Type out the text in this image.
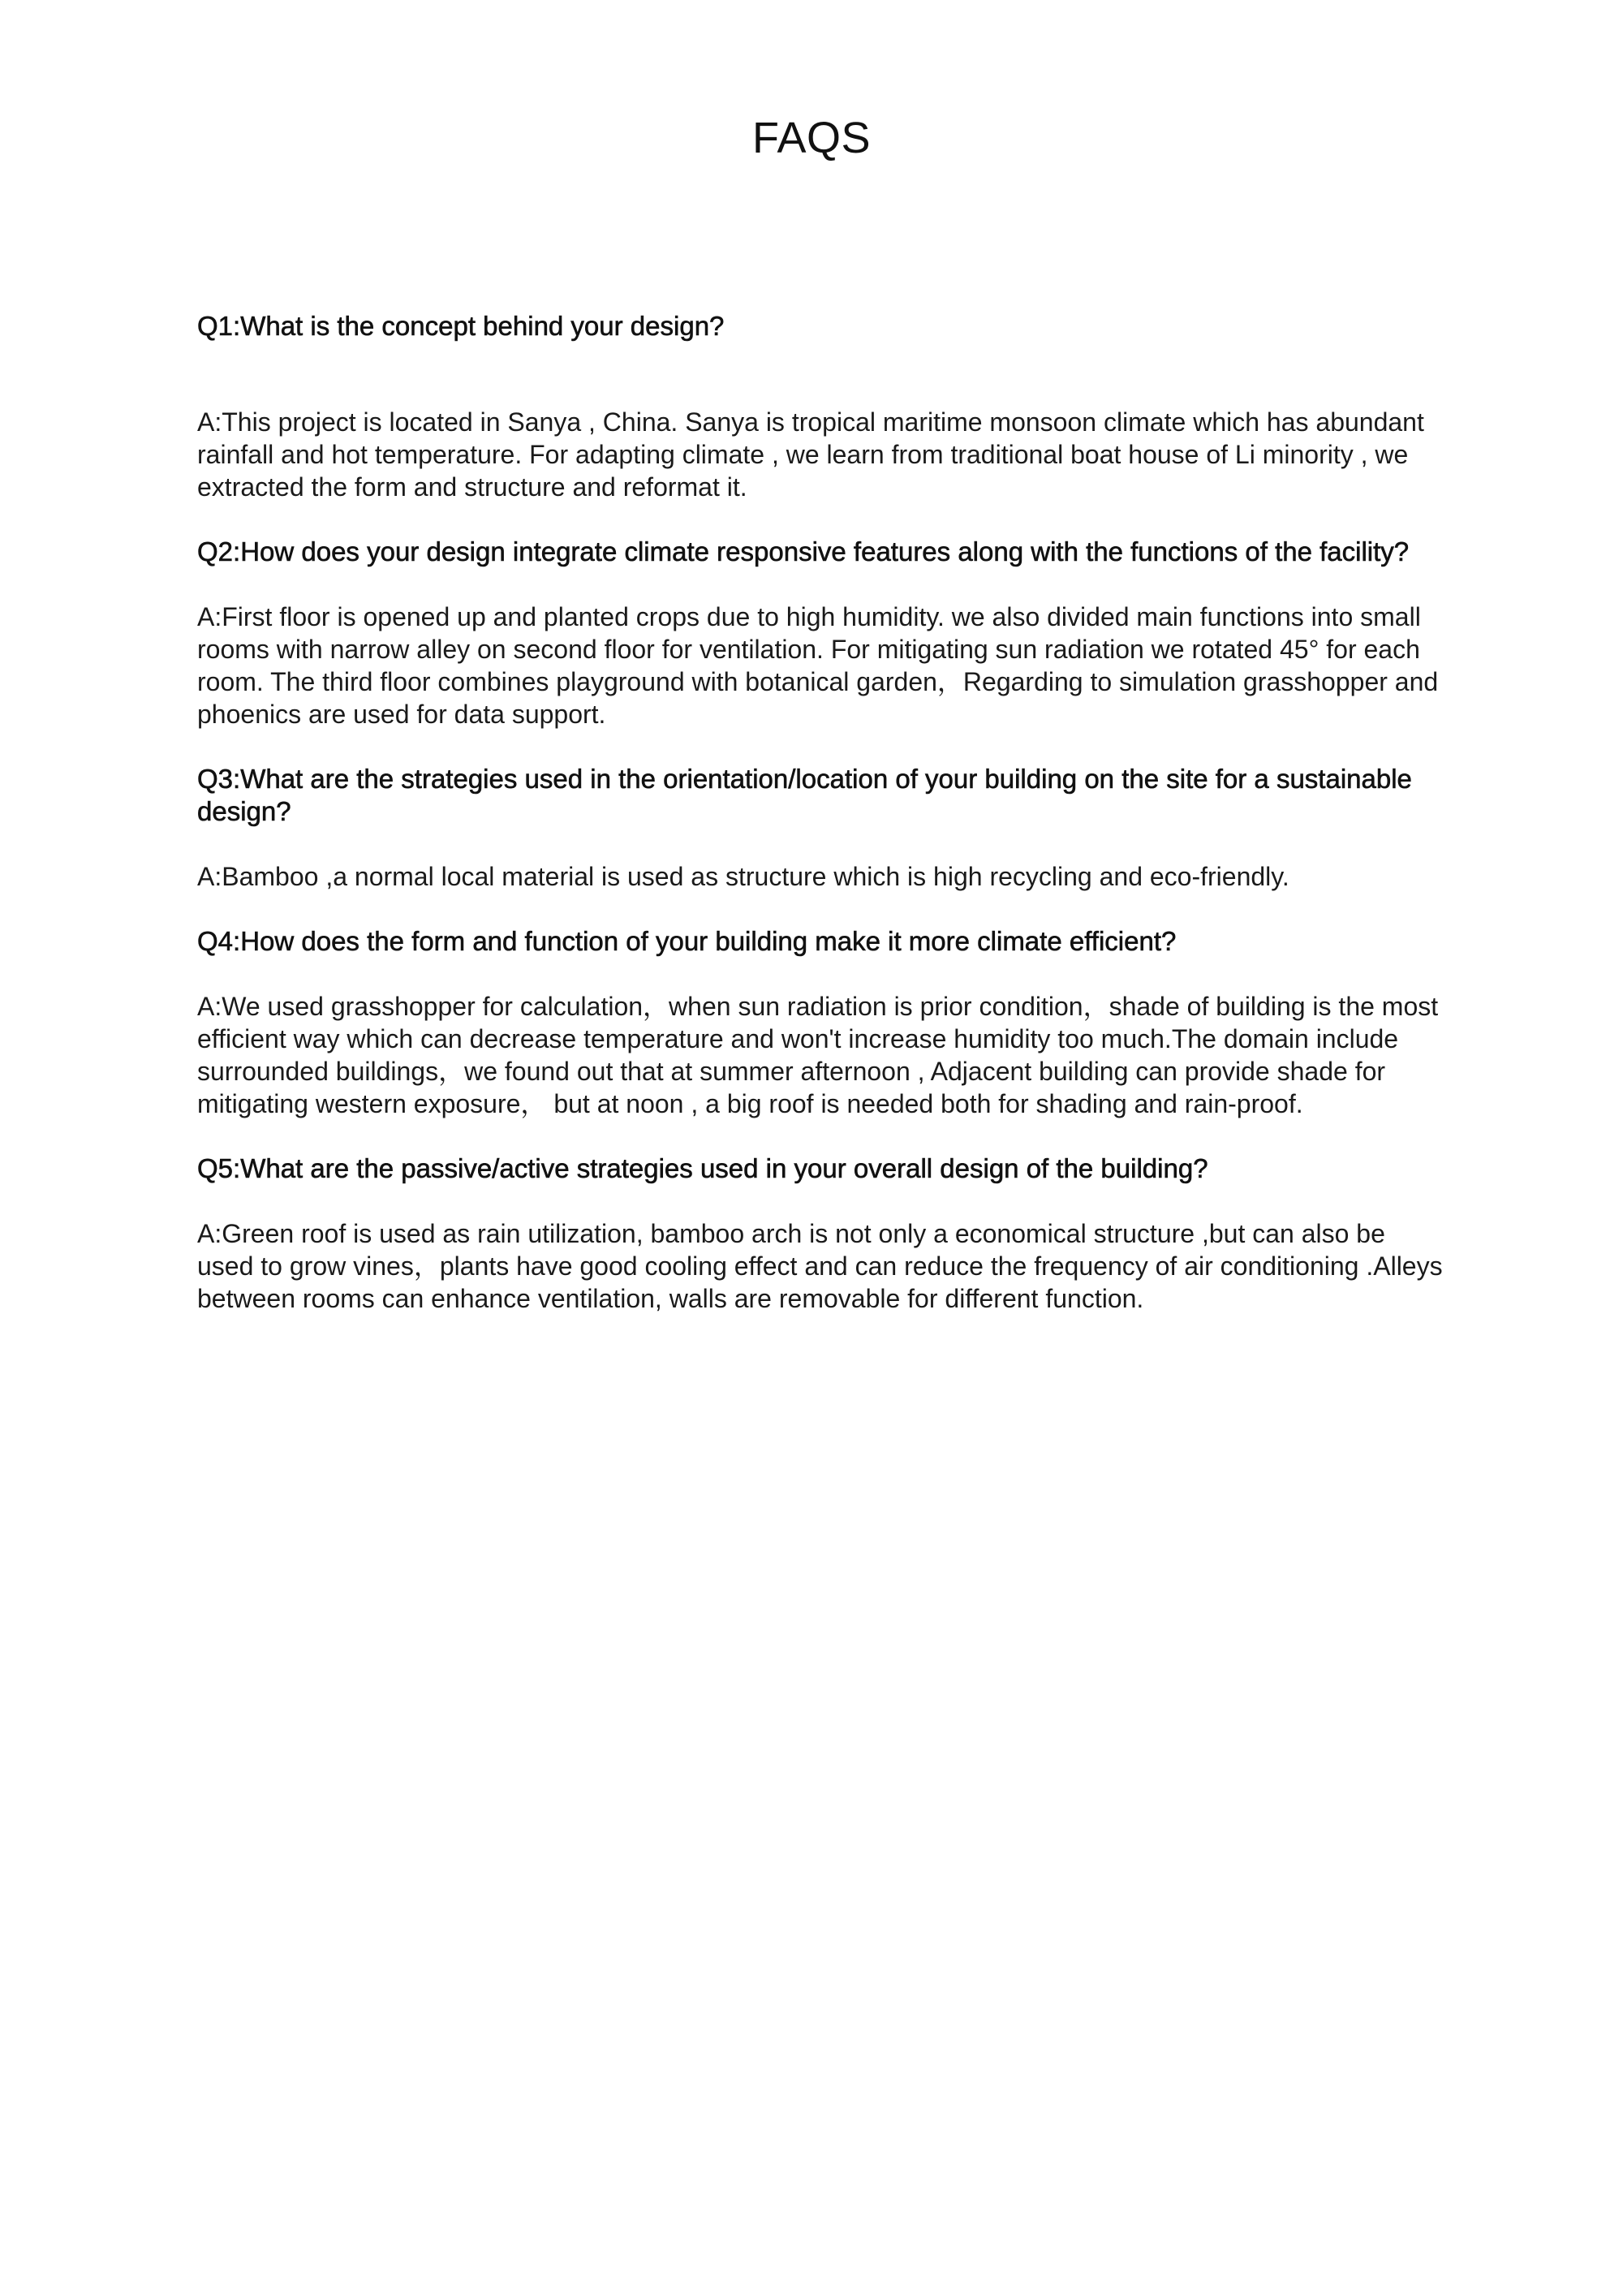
FAQS

Q1:What is the concept behind your design?

A:This project is located in Sanya , China. Sanya is tropical maritime monsoon climate which has abundant rainfall and hot temperature. For adapting climate , we learn from traditional boat house of Li minority , we extracted the form and structure and reformat it.

Q2:How does your design integrate climate responsive features along with the functions of the facility?

A:First floor is opened up and planted crops due to high humidity. we also divided main functions into small rooms with narrow alley on second floor for ventilation. For mitigating sun radiation we rotated 45° for each room. The third floor combines playground with botanical garden，Regarding to simulation grasshopper and phoenics are used for data support.

Q3:What are the strategies used in the orientation/location of your building on the site for a sustainable design?

A:Bamboo ,a normal local material is used as structure which is high recycling and eco-friendly.

Q4:How does the form and function of your building make it more climate efficient?

A:We used grasshopper for calculation，when sun radiation is prior condition，shade of building is the most efficient way which can decrease temperature and won't increase humidity too much.The domain include surrounded buildings，we found out that at summer afternoon , Adjacent building can provide shade for mitigating western exposure， but at noon , a big roof is needed both for shading and rain-proof.

Q5:What are the passive/active strategies used in your overall design of the building?

A:Green roof is used as rain utilization, bamboo arch is not only a economical structure ,but can also be used to grow vines，plants have good cooling effect and can reduce the frequency of air conditioning .Alleys between rooms can enhance ventilation, walls are removable for different function.
